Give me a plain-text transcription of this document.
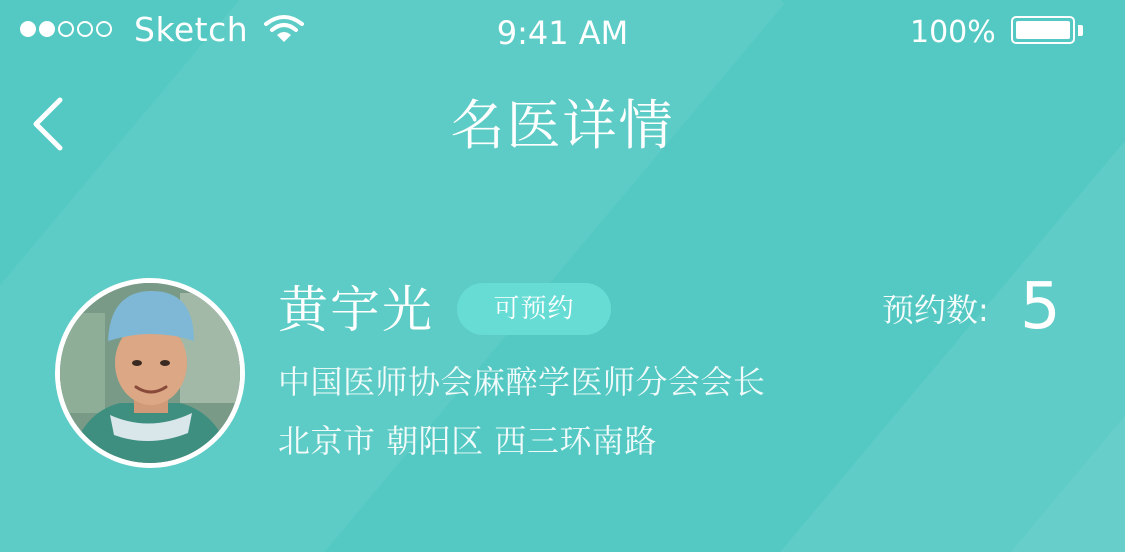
Sketch	9:41 AM	100%
名医详情
黄宇光	可预约	预约数: 5
中国医师协会麻醉学医师分会会长
北京市 朝阳区 西三环南路
